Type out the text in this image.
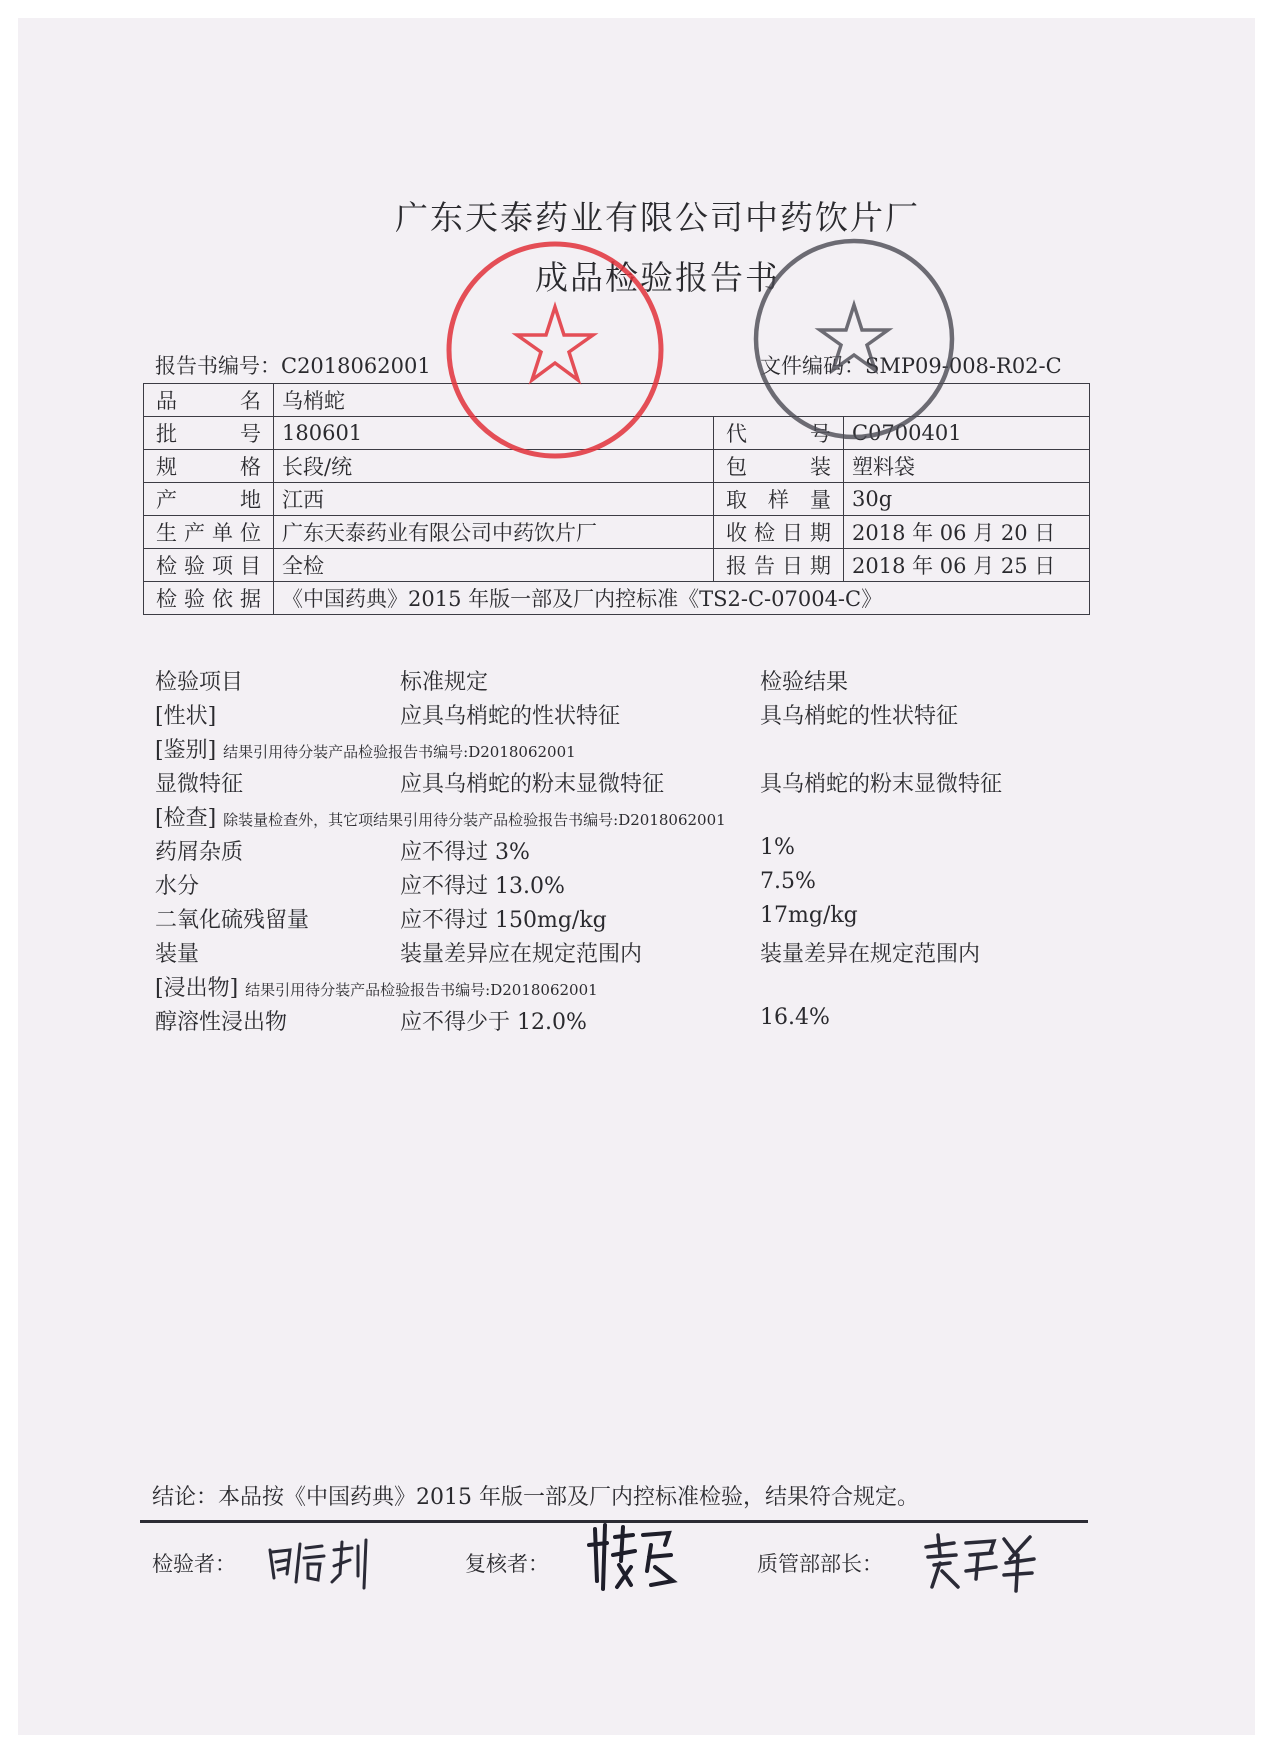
广东天泰药业有限公司中药饮片厂
成品检验报告书
报告书编号：C2018062001	文件编码：SMP09-008-R02-C
品名	乌梢蛇		
批号	180601	代号	C0700401
规格	长段/统	包装	塑料袋
产地	江西	取样量	30g
生产单位	广东天泰药业有限公司中药饮片厂	收检日期	2018 年 06 月 20 日
检验项目	全检	报告日期	2018 年 06 月 25 日
检验依据	《中国药典》2015 年版一部及厂内控标准《TS2-C-07004-C》		
检验项目	标准规定	检验结果
[性状]	应具乌梢蛇的性状特征	具乌梢蛇的性状特征
[鉴别] 结果引用待分装产品检验报告书编号:D2018062001
显微特征	应具乌梢蛇的粉末显微特征	具乌梢蛇的粉末显微特征
[检查] 除装量检查外，其它项结果引用待分装产品检验报告书编号:D2018062001
药屑杂质	应不得过 3%	1%
水分	应不得过 13.0%	7.5%
二氧化硫残留量	应不得过 150mg/kg	17mg/kg
装量	装量差异应在规定范围内	装量差异在规定范围内
[浸出物] 结果引用待分装产品检验报告书编号:D2018062001
醇溶性浸出物	应不得少于 12.0%	16.4%
结论：本品按《中国药典》2015 年版一部及厂内控标准检验，结果符合规定。
检验者：	复核者：	质管部部长：
